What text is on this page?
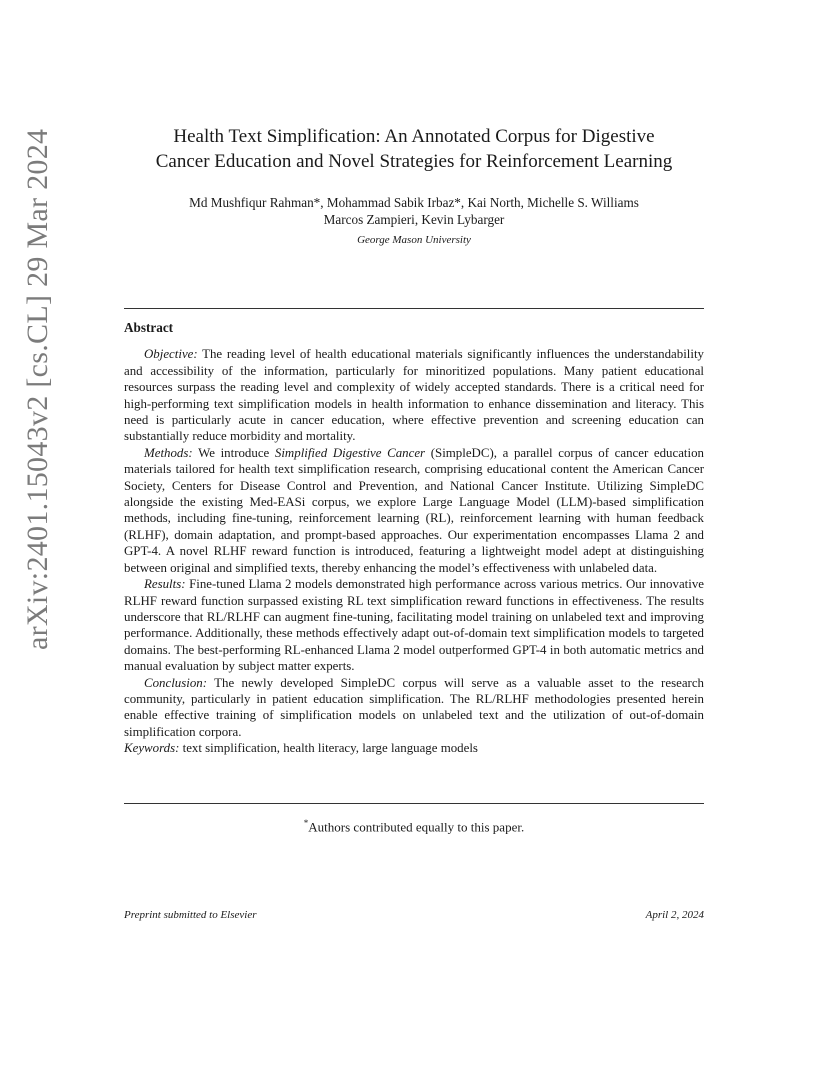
arXiv:2401.15043v2 [cs.CL] 29 Mar 2024	Health Text Simplification: An Annotated Corpus for Digestive
Cancer Education and Novel Strategies for Reinforcement Learning
Md Mushfiqur Rahman*, Mohammad Sabik Irbaz*, Kai North, Michelle S. Williams
Marcos Zampieri, Kevin Lybarger
George Mason University
Abstract

Objective: The reading level of health educational materials significantly influences the understandability and accessibility of the information, particularly for minoritized populations. Many patient educational resources surpass the reading level and complexity of widely accepted standards. There is a critical need for high-performing text simplification models in health information to enhance dissemination and literacy. This need is particularly acute in cancer education, where effective prevention and screening education can substantially reduce morbidity and mortality.

Methods: We introduce Simplified Digestive Cancer (SimpleDC), a parallel corpus of cancer education materials tailored for health text simplification research, comprising educational content the American Cancer Society, Centers for Disease Control and Prevention, and National Cancer Institute. Utilizing SimpleDC alongside the existing Med-EASi corpus, we explore Large Language Model (LLM)-based simplification methods, including fine-tuning, reinforcement learning (RL), reinforcement learning with human feedback (RLHF), domain adaptation, and prompt-based approaches. Our experimentation encompasses Llama 2 and GPT-4. A novel RLHF reward function is introduced, featuring a lightweight model adept at distinguishing between original and simplified texts, thereby enhancing the model’s effectiveness with unlabeled data.

Results: Fine-tuned Llama 2 models demonstrated high performance across various metrics. Our innovative RLHF reward function surpassed existing RL text simplification reward functions in effectiveness. The results underscore that RL/RLHF can augment fine-tuning, facilitating model training on unlabeled text and improving performance. Additionally, these methods effectively adapt out-of-domain text simplification models to targeted domains. The best-performing RL-enhanced Llama 2 model outperformed GPT-4 in both automatic metrics and manual evaluation by subject matter experts.

Conclusion: The newly developed SimpleDC corpus will serve as a valuable asset to the research community, particularly in patient education simplification. The RL/RLHF methodologies presented herein enable effective training of simplification models on unlabeled text and the utilization of out-of-domain simplification corpora.

Keywords: text simplification, health literacy, large language models

*Authors contributed equally to this paper.
Preprint submitted to Elsevier	April 2, 2024
